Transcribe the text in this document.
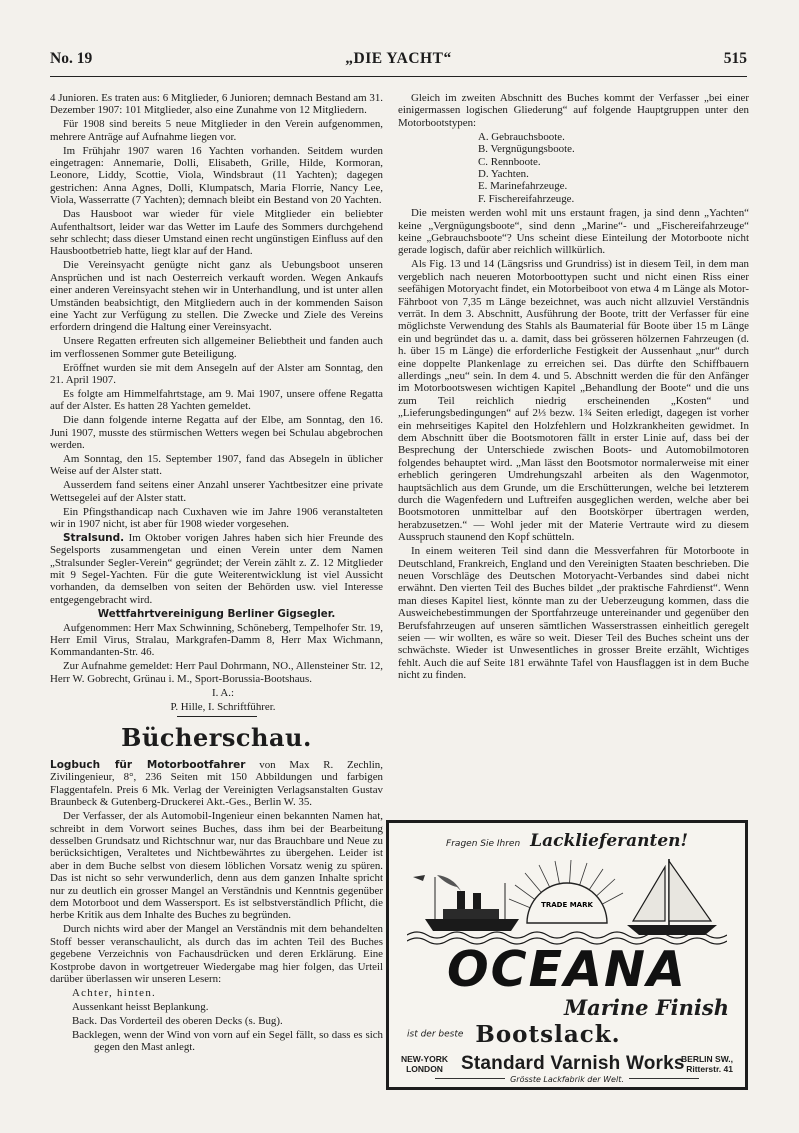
No. 19	„DIE YACHT“	515

4 Junioren. Es traten aus: 6 Mitglieder, 6 Junioren; demnach Bestand am 31. Dezember 1907: 101 Mitglieder, also eine Zunahme von 12 Mitgliedern.

Für 1908 sind bereits 5 neue Mitglieder in den Verein aufgenommen, mehrere Anträge auf Aufnahme liegen vor.

Im Frühjahr 1907 waren 16 Yachten vorhanden. Seitdem wurden eingetragen: Annemarie, Dolli, Elisabeth, Grille, Hilde, Kormoran, Leonore, Liddy, Scottie, Viola, Windsbraut (11 Yachten); dagegen gestrichen: Anna Agnes, Dolli, Klumpatsch, Maria Florrie, Nancy Lee, Viola, Wasserratte (7 Yachten); demnach bleibt ein Bestand von 20 Yachten.

Das Hausboot war wieder für viele Mitglieder ein beliebter Aufenthaltsort, leider war das Wetter im Laufe des Sommers durchgehend sehr schlecht; dass dieser Umstand einen recht ungünstigen Einfluss auf den Hausbootbetrieb hatte, liegt klar auf der Hand.

Die Vereinsyacht genügte nicht ganz als Uebungsboot unseren Ansprüchen und ist nach Oesterreich verkauft worden. Wegen Ankaufs einer anderen Vereinsyacht stehen wir in Unterhandlung, und ist unter allen Umständen beabsichtigt, den Mitgliedern auch in der kommenden Saison eine Yacht zur Verfügung zu stellen. Die Zwecke und Ziele des Vereins erfordern dringend die Haltung einer Vereinsyacht.

Unsere Regatten erfreuten sich allgemeiner Beliebtheit und fanden auch im verflossenen Sommer gute Beteiligung.

Eröffnet wurden sie mit dem Ansegeln auf der Alster am Sonntag, den 21. April 1907.

Es folgte am Himmelfahrtstage, am 9. Mai 1907, unsere offene Regatta auf der Alster. Es hatten 28 Yachten gemeldet.

Die dann folgende interne Regatta auf der Elbe, am Sonntag, den 16. Juni 1907, musste des stürmischen Wetters wegen bei Schulau abgebrochen werden.

Am Sonntag, den 15. September 1907, fand das Absegeln in üblicher Weise auf der Alster statt.

Ausserdem fand seitens einer Anzahl unserer Yachtbesitzer eine private Wettsegelei auf der Alster statt.

Ein Pfingsthandicap nach Cuxhaven wie im Jahre 1906 veranstalteten wir in 1907 nicht, ist aber für 1908 wieder vorgesehen.

Stralsund. Im Oktober vorigen Jahres haben sich hier Freunde des Segelsports zusammengetan und einen Verein unter dem Namen „Stralsunder Segler-Verein“ gegründet; der Verein zählt z. Z. 12 Mitglieder mit 9 Segel-Yachten. Für die gute Weiterentwicklung ist viel Aussicht vorhanden, da demselben von seiten der Behörden usw. viel Interesse entgegengebracht wird.

Wettfahrtvereinigung Berliner Gigsegler.

Aufgenommen: Herr Max Schwinning, Schöneberg, Tempelhofer Str. 19, Herr Emil Virus, Stralau, Markgrafen-Damm 8, Herr Max Wichmann, Kommandanten-Str. 46.

Zur Aufnahme gemeldet: Herr Paul Dohrmann, NO., Allensteiner Str. 12, Herr W. Gobrecht, Grünau i. M., Sport-Borussia-Bootshaus.

I. A.:

P. Hille, I. Schriftführer.

Bücherschau.

Logbuch für Motorbootfahrer von Max R. Zechlin, Zivilingenieur, 8°, 236 Seiten mit 150 Abbildungen und farbigen Flaggentafeln. Preis 6 Mk. Verlag der Vereinigten Verlagsanstalten Gustav Braunbeck & Gutenberg-Druckerei Akt.-Ges., Berlin W. 35.

Der Verfasser, der als Automobil-Ingenieur einen bekannten Namen hat, schreibt in dem Vorwort seines Buches, dass ihm bei der Bearbeitung desselben Grundsatz und Richtschnur war, nur das Brauchbare und Neue zu berücksichtigen, Veraltetes und Nichtbewährtes zu übergehen. Leider ist aber in dem Buche selbst von diesem löblichen Vorsatz wenig zu spüren. Das ist nicht so sehr verwunderlich, denn aus dem ganzen Inhalte spricht nur zu deutlich ein grosser Mangel an Verständnis und Kenntnis gegenüber dem Motorboot und dem Wassersport. Es ist selbstverständlich Pflicht, die herbe Kritik aus dem Inhalte des Buches zu begründen.

Durch nichts wird aber der Mangel an Verständnis mit dem behandelten Stoff besser veranschaulicht, als durch das im achten Teil des Buches gegebene Verzeichnis von Fachausdrücken und deren Erklärung. Eine Kostprobe davon in wortgetreuer Wiedergabe mag hier folgen, das Urteil darüber überlassen wir unseren Lesern:

Achter, hinten.

Aussenkant heisst Beplankung.

Back. Das Vorderteil des oberen Decks (s. Bug).

Backlegen, wenn der Wind von vorn auf ein Segel fällt, so dass es sich gegen den Mast anlegt.

Gleich im zweiten Abschnitt des Buches kommt der Verfasser „bei einer einigermassen logischen Gliederung“ auf folgende Hauptgruppen unter den Motorbootstypen:

A. Gebrauchsboote.
B. Vergnügungsboote.
C. Rennboote.
D. Yachten.
E. Marinefahrzeuge.
F. Fischereifahrzeuge.

Die meisten werden wohl mit uns erstaunt fragen, ja sind denn „Yachten“ keine „Vergnügungsboote“, sind denn „Marine“- und „Fischereifahrzeuge“ keine „Gebrauchsboote“? Uns scheint diese Einteilung der Motorboote nicht gerade logisch, dafür aber reichlich willkürlich.

Als Fig. 13 und 14 (Längsriss und Grundriss) ist in diesem Teil, in dem man vergeblich nach neueren Motorboottypen sucht und nicht einen Riss einer seefähigen Motoryacht findet, ein Motorbeiboot von etwa 4 m Länge als Motor-Fährboot von 7,35 m Länge bezeichnet, was auch nicht allzuviel Verständnis verrät. In dem 3. Abschnitt, Ausführung der Boote, tritt der Verfasser für eine möglichste Verwendung des Stahls als Baumaterial für Boote über 15 m Länge ein und begründet das u. a. damit, dass bei grösseren hölzernen Fahrzeugen (d. h. über 15 m Länge) die erforderliche Festigkeit der Aussenhaut „nur“ durch eine doppelte Plankenlage zu erreichen sei. Das dürfte den Schiffbauern allerdings „neu“ sein. In dem 4. und 5. Abschnitt werden die für den Anfänger im Motorbootswesen wichtigen Kapitel „Behandlung der Boote“ und die uns zum Teil reichlich niedrig erscheinenden „Kosten“ und „Lieferungsbedingungen“ auf 2⅓ bezw. 1¾ Seiten erledigt, dagegen ist vorher ein mehrseitiges Kapitel den Holzfehlern und Holzkrankheiten gewidmet. In dem Abschnitt über die Bootsmotoren fällt in erster Linie auf, dass bei der Besprechung der Unterschiede zwischen Boots- und Automobilmotoren folgendes behauptet wird. „Man lässt den Bootsmotor normalerweise mit einer erheblich geringeren Umdrehungszahl arbeiten als den Wagenmotor, hauptsächlich aus dem Grunde, um die Erschütterungen, welche bei letzterem durch die Wagenfedern und Luftreifen ausgeglichen werden, welche aber bei Bootsmotoren unmittelbar auf den Bootskörper übertragen werden, herabzusetzen.“ — Wohl jeder mit der Materie Vertraute wird zu diesem Ausspruch staunend den Kopf schütteln.

In einem weiteren Teil sind dann die Messverfahren für Motorboote in Deutschland, Frankreich, England und den Vereinigten Staaten beschrieben. Die neuen Vorschläge des Deutschen Motoryacht-Verbandes sind dabei nicht erwähnt. Den vierten Teil des Buches bildet „der praktische Fahrdienst“. Wenn man dieses Kapitel liest, könnte man zu der Ueberzeugung kommen, dass die Ausweichebestimmungen der Sportfahrzeuge untereinander und gegenüber den Berufsfahrzeugen auf unseren sämtlichen Wasserstrassen einheitlich geregelt seien — wir wollten, es wäre so weit. Dieser Teil des Buches scheint uns der schwächste. Wieder ist Unwesentliches in grosser Breite erzählt, Wichtiges fehlt. Auch die auf Seite 181 erwähnte Tafel von Hausflaggen ist in dem Buche nicht zu finden.

Fragen Sie Ihren Lacklieferanten!
TRADE MARK
OCEANA
Marine Finish
ist der beste Bootslack.
NEW-YORK
LONDON Standard Varnish Works
BERLIN SW.,
Ritterstr. 41
Grösste Lackfabrik der Welt.
